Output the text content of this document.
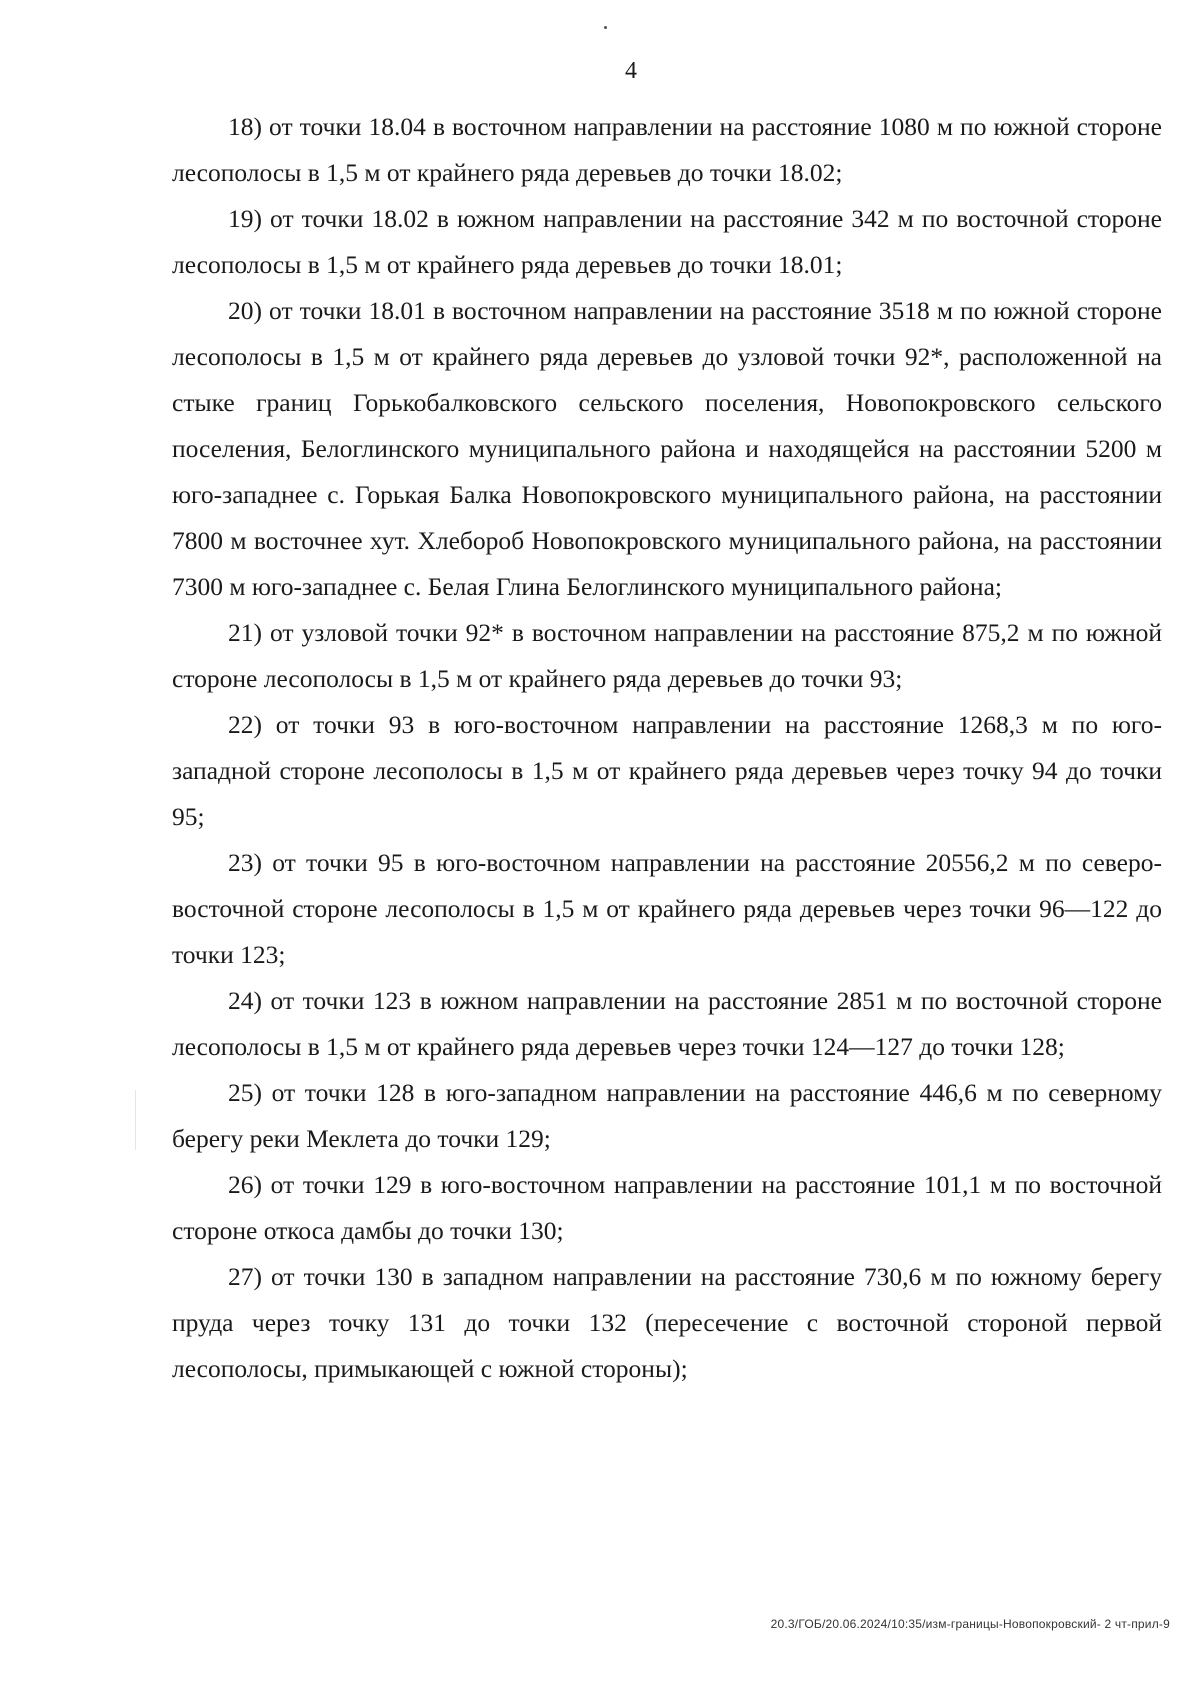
4

18) от точки 18.04 в восточном направлении на расстояние 1080 м по южной стороне лесополосы в 1,5 м от крайнего ряда деревьев до точки 18.02;

19) от точки 18.02 в южном направлении на расстояние 342 м по восточной стороне лесополосы в 1,5 м от крайнего ряда деревьев до точки 18.01;

20) от точки 18.01 в восточном направлении на расстояние 3518 м по южной стороне лесополосы в 1,5 м от крайнего ряда деревьев до узловой точки 92*, расположенной на стыке границ Горькобалковского сельского поселения, Новопокровского сельского поселения, Белоглинского муниципального района и находящейся на расстоянии 5200 м юго-западнее с. Горькая Балка Новопокровского муниципального района, на расстоянии 7800 м восточнее хут. Хлебороб Новопокровского муниципального района, на расстоянии 7300 м юго-западнее с. Белая Глина Белоглинского муниципального района;

21) от узловой точки 92* в восточном направлении на расстояние 875,2 м по южной стороне лесополосы в 1,5 м от крайнего ряда деревьев до точки 93;

22) от точки 93 в юго-восточном направлении на расстояние 1268,3 м по юго-западной стороне лесополосы в 1,5 м от крайнего ряда деревьев через точку 94 до точки 95;

23) от точки 95 в юго-восточном направлении на расстояние 20556,2 м по северо-восточной стороне лесополосы в 1,5 м от крайнего ряда деревьев через точки 96—122 до точки 123;

24) от точки 123 в южном направлении на расстояние 2851 м по восточной стороне лесополосы в 1,5 м от крайнего ряда деревьев через точки 124—127 до точки 128;

25) от точки 128 в юго-западном направлении на расстояние 446,6 м по северному берегу реки Меклета до точки 129;

26) от точки 129 в юго-восточном направлении на расстояние 101,1 м по восточной стороне откоса дамбы до точки 130;

27) от точки 130 в западном направлении на расстояние 730,6 м по южному берегу пруда через точку 131 до точки 132 (пересечение с восточной стороной первой лесополосы, примыкающей с южной стороны);

20.3/ГОБ/20.06.2024/10:35/изм-границы-Новопокровский- 2 чт-прил-9
